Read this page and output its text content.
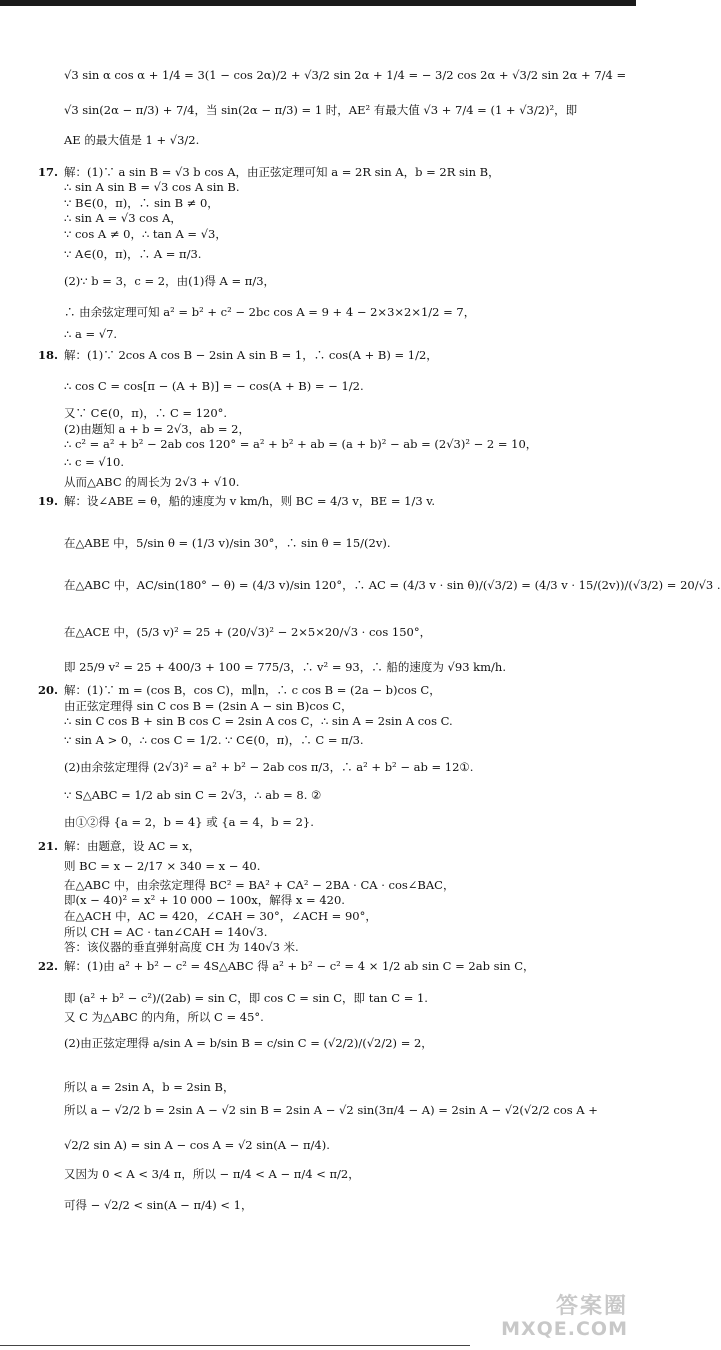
√3 sin α cos α + 1/4 = 3(1 − cos 2α)/2 + √3/2 sin 2α + 1/4 = − 3/2 cos 2α + √3/2 sin 2α + 7/4 =
√3 sin(2α − π/3) + 7/4，当 sin(2α − π/3) = 1 时，AE² 有最大值 √3 + 7/4 = (1 + √3/2)²，即
AE 的最大值是 1 + √3/2.
17. 解：(1)∵ a sin B = √3 b cos A，由正弦定理可知 a = 2R sin A，b = 2R sin B，
∴ sin A sin B = √3 cos A sin B.
∵ B∈(0，π)，∴ sin B ≠ 0，
∴ sin A = √3 cos A，
∵ cos A ≠ 0，∴ tan A = √3，
∵ A∈(0，π)，∴ A = π/3.
(2)∵ b = 3，c = 2，由(1)得 A = π/3，
∴ 由余弦定理可知 a² = b² + c² − 2bc cos A = 9 + 4 − 2×3×2×1/2 = 7，
∴ a = √7.
18. 解：(1)∵ 2cos A cos B − 2sin A sin B = 1，∴ cos(A + B) = 1/2，
∴ cos C = cos[π − (A + B)] = − cos(A + B) = − 1/2.
又∵ C∈(0，π)，∴ C = 120°.
(2)由题知 a + b = 2√3，ab = 2，
∴ c² = a² + b² − 2ab cos 120° = a² + b² + ab = (a + b)² − ab = (2√3)² − 2 = 10，
∴ c = √10.
从而△ABC 的周长为 2√3 + √10.
19. 解：设∠ABE = θ，船的速度为 v km/h，则 BC = 4/3 v，BE = 1/3 v.
在△ABE 中，5/sin θ = (1/3 v)/sin 30°，∴ sin θ = 15/(2v).
在△ABC 中，AC/sin(180° − θ) = (4/3 v)/sin 120°，∴ AC = (4/3 v · sin θ)/(√3/2) = (4/3 v · 15/(2v))/(√3/2) = 20/√3 .
在△ACE 中，(5/3 v)² = 25 + (20/√3)² − 2×5×20/√3 · cos 150°，
即 25/9 v² = 25 + 400/3 + 100 = 775/3，∴ v² = 93，∴ 船的速度为 √93 km/h.
20. 解：(1)∵ m = (cos B，cos C)，m∥n，∴ c cos B = (2a − b)cos C，
由正弦定理得 sin C cos B = (2sin A − sin B)cos C，
∴ sin C cos B + sin B cos C = 2sin A cos C，∴ sin A = 2sin A cos C.
∵ sin A > 0，∴ cos C = 1/2. ∵ C∈(0，π)，∴ C = π/3.
(2)由余弦定理得 (2√3)² = a² + b² − 2ab cos π/3，∴ a² + b² − ab = 12①.
∵ S△ABC = 1/2 ab sin C = 2√3，∴ ab = 8. ②
由①②得 {a = 2，b = 4} 或 {a = 4，b = 2}.
21. 解：由题意，设 AC = x，
则 BC = x − 2/17 × 340 = x − 40.
在△ABC 中，由余弦定理得 BC² = BA² + CA² − 2BA · CA · cos∠BAC，
即(x − 40)² = x² + 10 000 − 100x，解得 x = 420.
在△ACH 中，AC = 420，∠CAH = 30°，∠ACH = 90°，
所以 CH = AC · tan∠CAH = 140√3.
答：该仪器的垂直弹射高度 CH 为 140√3 米.
22. 解：(1)由 a² + b² − c² = 4S△ABC 得 a² + b² − c² = 4 × 1/2 ab sin C = 2ab sin C，
即 (a² + b² − c²)/(2ab) = sin C，即 cos C = sin C，即 tan C = 1.
又 C 为△ABC 的内角，所以 C = 45°.
(2)由正弦定理得 a/sin A = b/sin B = c/sin C = (√2/2)/(√2/2) = 2，
所以 a = 2sin A，b = 2sin B，
所以 a − √2/2 b = 2sin A − √2 sin B = 2sin A − √2 sin(3π/4 − A) = 2sin A − √2(√2/2 cos A +
√2/2 sin A) = sin A − cos A = √2 sin(A − π/4).
又因为 0 < A < 3/4 π，所以 − π/4 < A − π/4 < π/2，
可得 − √2/2 < sin(A − π/4) < 1，
答案圈
MXQE.COM
